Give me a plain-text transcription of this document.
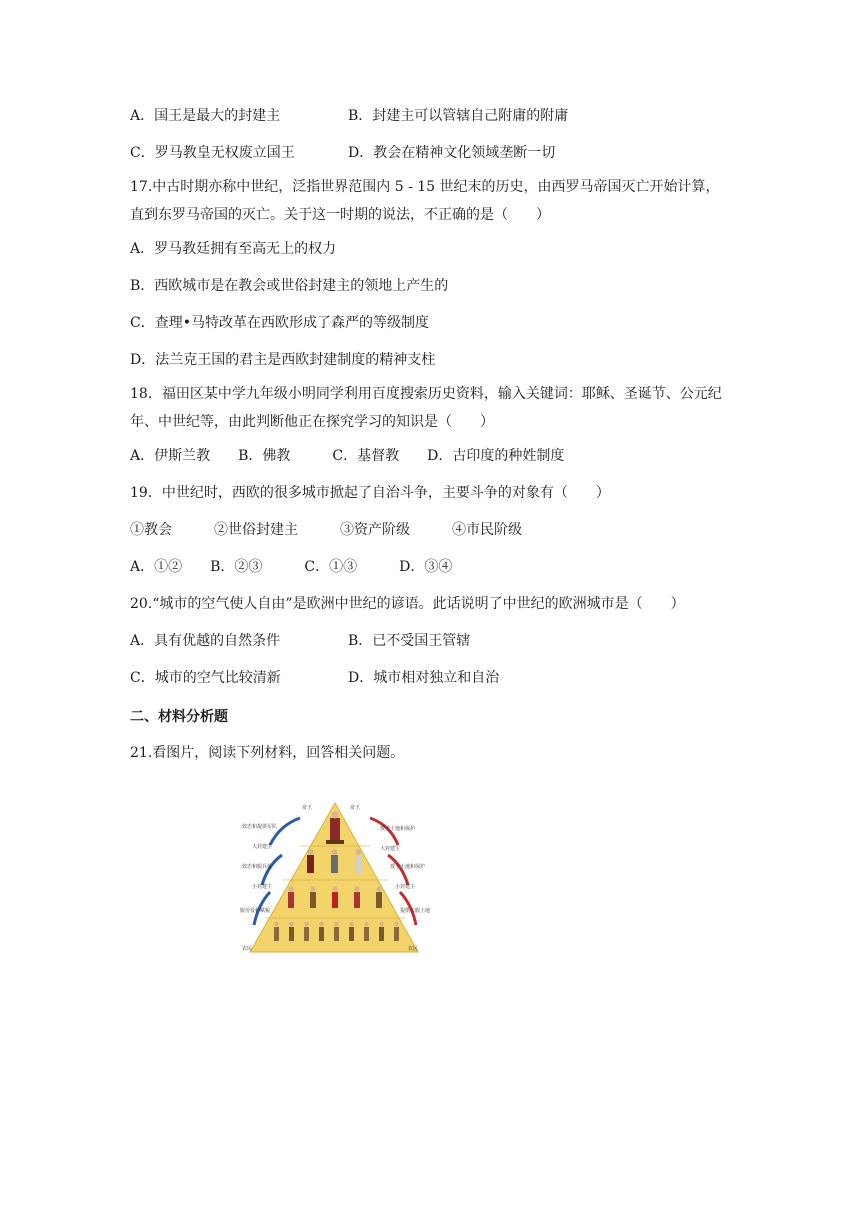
A．国王是最大的封建主	B．封建主可以管辖自己附庸的附庸
C．罗马教皇无权废立国王	D．教会在精神文化领域垄断一切
17.中古时期亦称中世纪，泛指世界范围内 5 - 15 世纪末的历史，由西罗马帝国灭亡开始计算，直到东罗马帝国的灭亡。关于这一时期的说法，不正确的是（　　）
A．罗马教廷拥有至高无上的权力
B．西欧城市是在教会或世俗封建主的领地上产生的
C．查理•马特改革在西欧形成了森严的等级制度
D．法兰克王国的君主是西欧封建制度的精神支柱
18．福田区某中学九年级小明同学利用百度搜索历史资料，输入关键词：耶稣、圣诞节、公元纪年、中世纪等，由此判断他正在探究学习的知识是（　　）
A．伊斯兰教　　B．佛教　　　C．基督教　　D．古印度的种姓制度
19．中世纪时，西欧的很多城市掀起了自治斗争，主要斗争的对象有（　　）
①教会　　　②世俗封建主　　　③资产阶级　　　④市民阶级
A．①②　　B．②③　　　C．①③　　　D．③④
20.“城市的空气使人自由”是欧洲中世纪的谚语。此话说明了中世纪的欧洲城市是（　　）
A．具有优越的自然条件	B．已不受国王管辖
C．城市的空气比较清新	D．城市相对独立和自治
二、材料分析题
21.看图片，阅读下列材料，回答相关问题。
帝王	帝王
效忠和提供军队
大封建主
效忠和服兵役
小封建主
服劳役和赋税
农民
授予土地和保护
大封建主
授予土地和保护
小封建主
提供衣服土地
农民
